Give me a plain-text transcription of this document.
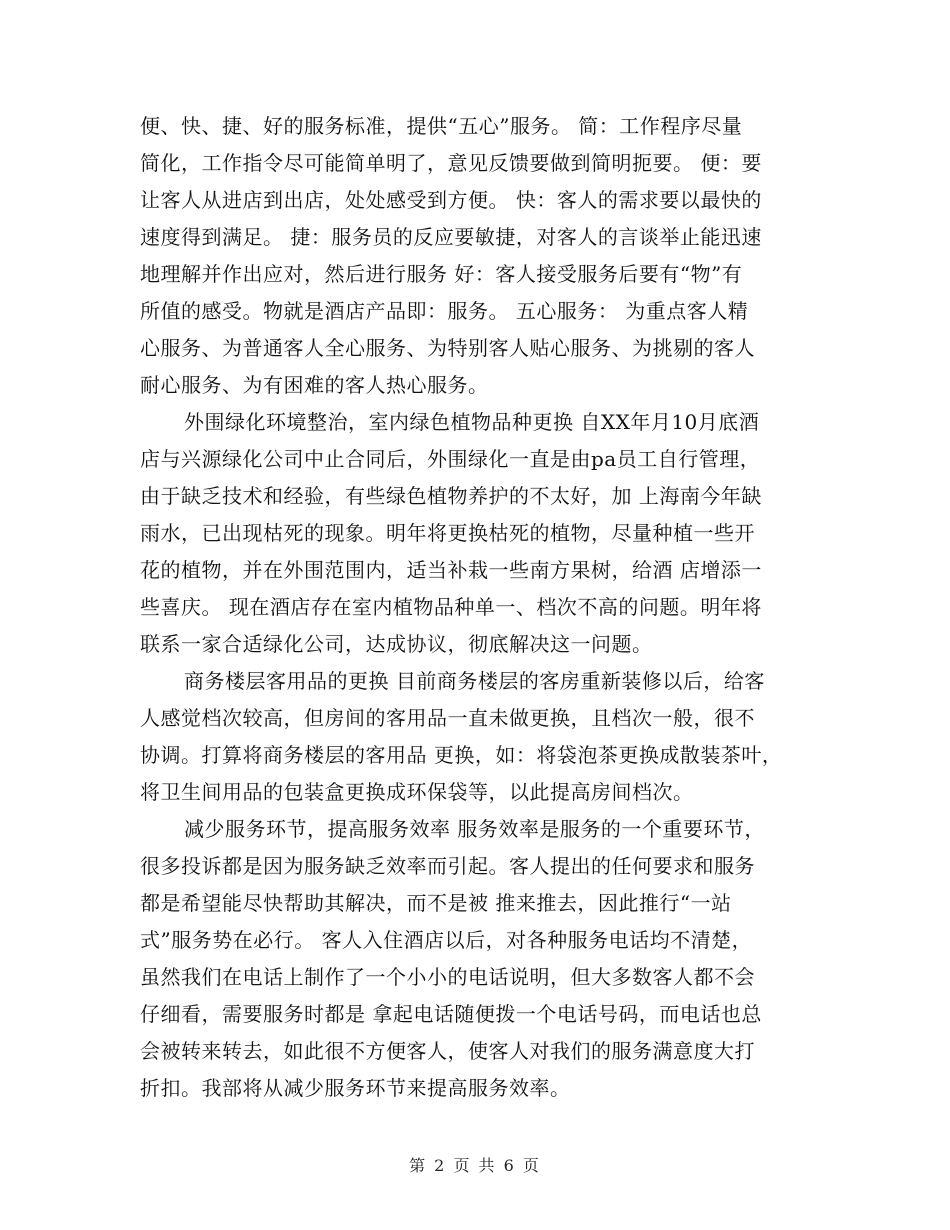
便、快、捷、好的服务标准，提供“五心”服务。 简：工作程序尽量
简化，工作指令尽可能简单明了，意见反馈要做到简明扼要。 便：要
让客人从进店到出店，处处感受到方便。 快：客人的需求要以最快的
速度得到满足。 捷：服务员的反应要敏捷，对客人的言谈举止能迅速
地理解并作出应对，然后进行服务 好：客人接受服务后要有“物”有
所值的感受。物就是酒店产品即：服务。 五心服务： 为重点客人精
心服务、为普通客人全心服务、为特别客人贴心服务、为挑剔的客人
耐心服务、为有困难的客人热心服务。
外围绿化环境整治，室内绿色植物品种更换 自XX年月10月底酒
店与兴源绿化公司中止合同后，外围绿化一直是由pa员工自行管理，
由于缺乏技术和经验，有些绿色植物养护的不太好，加 上海南今年缺
雨水，已出现枯死的现象。明年将更换枯死的植物，尽量种植一些开
花的植物，并在外围范围内，适当补栽一些南方果树，给酒 店增添一
些喜庆。 现在酒店存在室内植物品种单一、档次不高的问题。明年将
联系一家合适绿化公司，达成协议，彻底解决这一问题。
商务楼层客用品的更换 目前商务楼层的客房重新装修以后，给客
人感觉档次较高，但房间的客用品一直未做更换，且档次一般，很不
协调。打算将商务楼层的客用品 更换，如：将袋泡茶更换成散装茶叶，
将卫生间用品的包装盒更换成环保袋等，以此提高房间档次。
减少服务环节，提高服务效率 服务效率是服务的一个重要环节，
很多投诉都是因为服务缺乏效率而引起。客人提出的任何要求和服务
都是希望能尽快帮助其解决，而不是被 推来推去，因此推行“一站
式”服务势在必行。 客人入住酒店以后，对各种服务电话均不清楚，
虽然我们在电话上制作了一个小小的电话说明，但大多数客人都不会
仔细看，需要服务时都是 拿起电话随便拨一个电话号码，而电话也总
会被转来转去，如此很不方便客人，使客人对我们的服务满意度大打
折扣。我部将从减少服务环节来提高服务效率。
第 2 页 共 6 页
